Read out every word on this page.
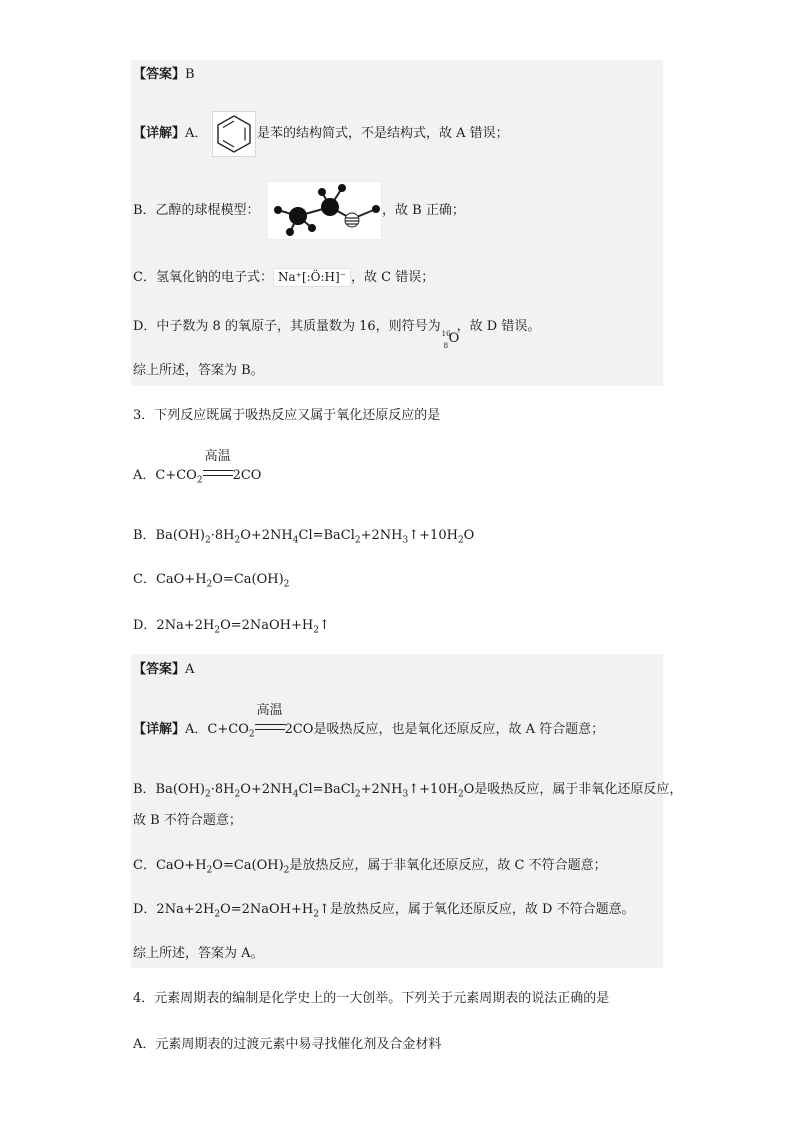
【答案】B
【详解】A．	是苯的结构简式，不是结构式，故 A 错误；
B．乙醇的球棍模型：	，故 B 正确；
C．氢氧化钠的电子式： Na⁺[:Ö:H]⁻ ，故 C 错误；
D．中子数为 8 的氧原子，其质量数为 16，则符号为 16
8 O
，故 D 错误。
综上所述，答案为 B。
3．下列反应既属于吸热反应又属于氧化还原反应的是
A．$C+CO_2$
高温
2CO
B．$Ba(OH)_2\cdot 8H_2O+2NH_4Cl=BaCl_2+2NH_3↑+10H_2O$
C．$CaO+H_2O=Ca(OH)_2$
D．$2Na+2H_2O=2NaOH+H_2↑$
【答案】A
【详解】A．$C+CO_2$
高温
2CO是吸热反应，也是氧化还原反应，故 A 符合题意；
B．$Ba(OH)_2\cdot 8H_2O+2NH_4Cl=BaCl_2+2NH_3↑+10H_2O$是吸热反应，属于非氧化还原反应，
故 B 不符合题意；
C．$CaO+H_2O=Ca(OH)_2$是放热反应，属于非氧化还原反应，故 C 不符合题意；
D．$2Na+2H_2O=2NaOH+H_2↑$是放热反应，属于氧化还原反应，故 D 不符合题意。
综上所述，答案为 A。
4．元素周期表的编制是化学史上的一大创举。下列关于元素周期表的说法正确的是
A．元素周期表的过渡元素中易寻找催化剂及合金材料
